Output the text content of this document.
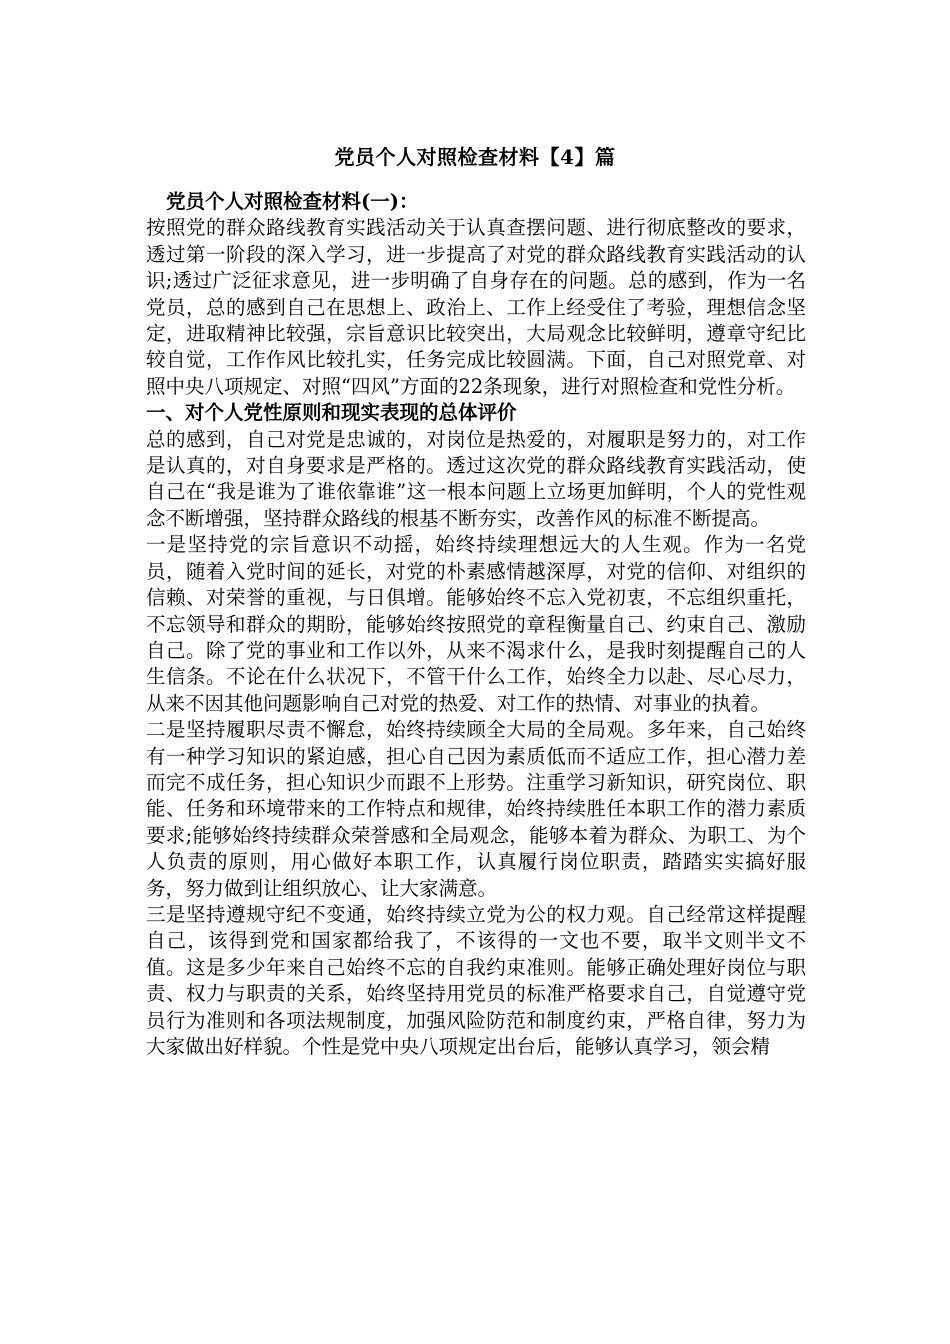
党员个人对照检查材料【4】篇

党员个人对照检查材料(一)：

按照党的群众路线教育实践活动关于认真查摆问题、进行彻底整改的要求，透过第一阶段的深入学习，进一步提高了对党的群众路线教育实践活动的认识;透过广泛征求意见，进一步明确了自身存在的问题。总的感到，作为一名党员，总的感到自己在思想上、政治上、工作上经受住了考验，理想信念坚定，进取精神比较强，宗旨意识比较突出，大局观念比较鲜明，遵章守纪比较自觉，工作作风比较扎实，任务完成比较圆满。下面，自己对照党章、对照中央八项规定、对照“四风”方面的22条现象，进行对照检查和党性分析。

一、对个人党性原则和现实表现的总体评价

总的感到，自己对党是忠诚的，对岗位是热爱的，对履职是努力的，对工作是认真的，对自身要求是严格的。透过这次党的群众路线教育实践活动，使自己在“我是谁为了谁依靠谁”这一根本问题上立场更加鲜明，个人的党性观念不断增强，坚持群众路线的根基不断夯实，改善作风的标准不断提高。

一是坚持党的宗旨意识不动摇，始终持续理想远大的人生观。作为一名党员，随着入党时间的延长，对党的朴素感情越深厚，对党的信仰、对组织的信赖、对荣誉的重视，与日俱增。能够始终不忘入党初衷，不忘组织重托，不忘领导和群众的期盼，能够始终按照党的章程衡量自己、约束自己、激励自己。除了党的事业和工作以外，从来不渴求什么，是我时刻提醒自己的人生信条。不论在什么状况下，不管干什么工作，始终全力以赴、尽心尽力，从来不因其他问题影响自己对党的热爱、对工作的热情、对事业的执着。

二是坚持履职尽责不懈怠，始终持续顾全大局的全局观。多年来，自己始终有一种学习知识的紧迫感，担心自己因为素质低而不适应工作，担心潜力差而完不成任务，担心知识少而跟不上形势。注重学习新知识，研究岗位、职能、任务和环境带来的工作特点和规律，始终持续胜任本职工作的潜力素质要求;能够始终持续群众荣誉感和全局观念，能够本着为群众、为职工、为个人负责的原则，用心做好本职工作，认真履行岗位职责，踏踏实实搞好服务，努力做到让组织放心、让大家满意。

三是坚持遵规守纪不变通，始终持续立党为公的权力观。自己经常这样提醒自己，该得到党和国家都给我了，不该得的一文也不要，取半文则半文不值。这是多少年来自己始终不忘的自我约束准则。能够正确处理好岗位与职责、权力与职责的关系，始终坚持用党员的标准严格要求自己，自觉遵守党员行为准则和各项法规制度，加强风险防范和制度约束，严格自律，努力为大家做出好样貌。个性是党中央八项规定出台后，能够认真学习，领会精
